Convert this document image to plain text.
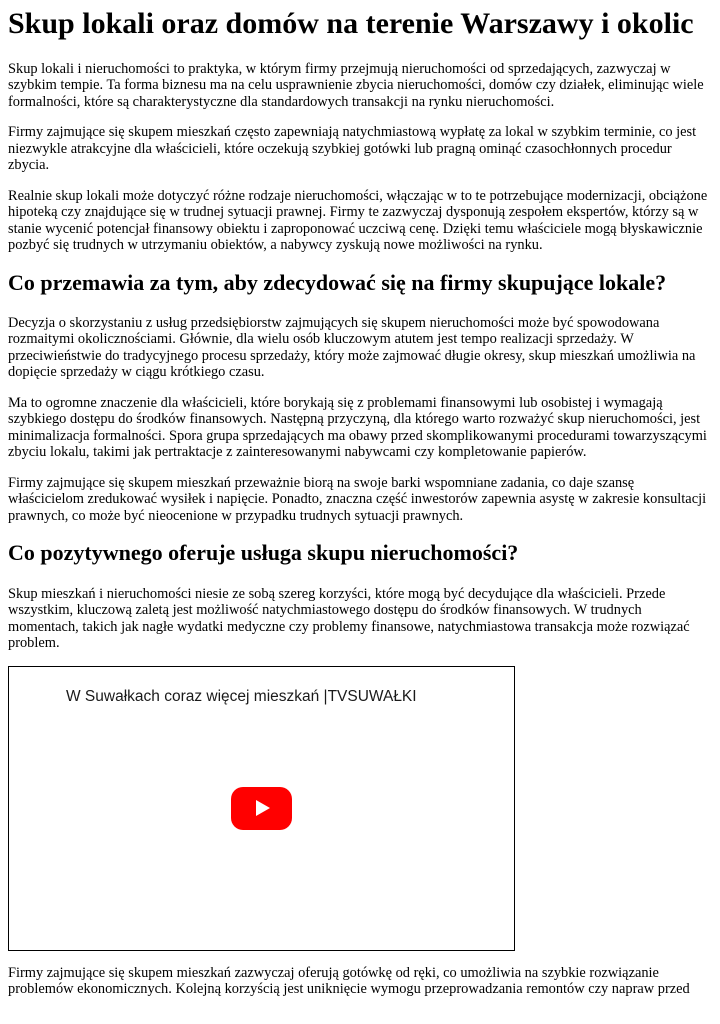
Skup lokali oraz domów na terenie Warszawy i okolic

Skup lokali i nieruchomości to praktyka, w którym firmy przejmują nieruchomości od sprzedających, zazwyczaj w szybkim tempie. Ta forma biznesu ma na celu usprawnienie zbycia nieruchomości, domów czy działek, eliminując wiele formalności, które są charakterystyczne dla standardowych transakcji na rynku nieruchomości.

Firmy zajmujące się skupem mieszkań często zapewniają natychmiastową wypłatę za lokal w szybkim terminie, co jest niezwykle atrakcyjne dla właścicieli, które oczekują szybkiej gotówki lub pragną ominąć czasochłonnych procedur zbycia.

Realnie skup lokali może dotyczyć różne rodzaje nieruchomości, włączając w to te potrzebujące modernizacji, obciążone hipoteką czy znajdujące się w trudnej sytuacji prawnej. Firmy te zazwyczaj dysponują zespołem ekspertów, którzy są w stanie wycenić potencjał finansowy obiektu i zaproponować uczciwą cenę. Dzięki temu właściciele mogą błyskawicznie pozbyć się trudnych w utrzymaniu obiektów, a nabywcy zyskują nowe możliwości na rynku.

Co przemawia za tym, aby zdecydować się na firmy skupujące lokale?

Decyzja o skorzystaniu z usług przedsiębiorstw zajmujących się skupem nieruchomości może być spowodowana rozmaitymi okolicznościami. Głównie, dla wielu osób kluczowym atutem jest tempo realizacji sprzedaży. W przeciwieństwie do tradycyjnego procesu sprzedaży, który może zajmować długie okresy, skup mieszkań umożliwia na dopięcie sprzedaży w ciągu krótkiego czasu.

Ma to ogromne znaczenie dla właścicieli, które borykają się z problemami finansowymi lub osobistej i wymagają szybkiego dostępu do środków finansowych. Następną przyczyną, dla którego warto rozważyć skup nieruchomości, jest minimalizacja formalności. Spora grupa sprzedających ma obawy przed skomplikowanymi procedurami towarzyszącymi zbyciu lokalu, takimi jak pertraktacje z zainteresowanymi nabywcami czy kompletowanie papierów.

Firmy zajmujące się skupem mieszkań przeważnie biorą na swoje barki wspomniane zadania, co daje szansę właścicielom zredukować wysiłek i napięcie. Ponadto, znaczna część inwestorów zapewnia asystę w zakresie konsultacji prawnych, co może być nieocenione w przypadku trudnych sytuacji prawnych.

Co pozytywnego oferuje usługa skupu nieruchomości?

Skup mieszkań i nieruchomości niesie ze sobą szereg korzyści, które mogą być decydujące dla właścicieli. Przede wszystkim, kluczową zaletą jest możliwość natychmiastowego dostępu do środków finansowych. W trudnych momentach, takich jak nagłe wydatki medyczne czy problemy finansowe, natychmiastowa transakcja może rozwiązać problem.

W Suwałkach coraz więcej mieszkań |TVSUWAŁKI

Firmy zajmujące się skupem mieszkań zazwyczaj oferują gotówkę od ręki, co umożliwia na szybkie rozwiązanie problemów ekonomicznych. Kolejną korzyścią jest uniknięcie wymogu przeprowadzania remontów czy napraw przed
